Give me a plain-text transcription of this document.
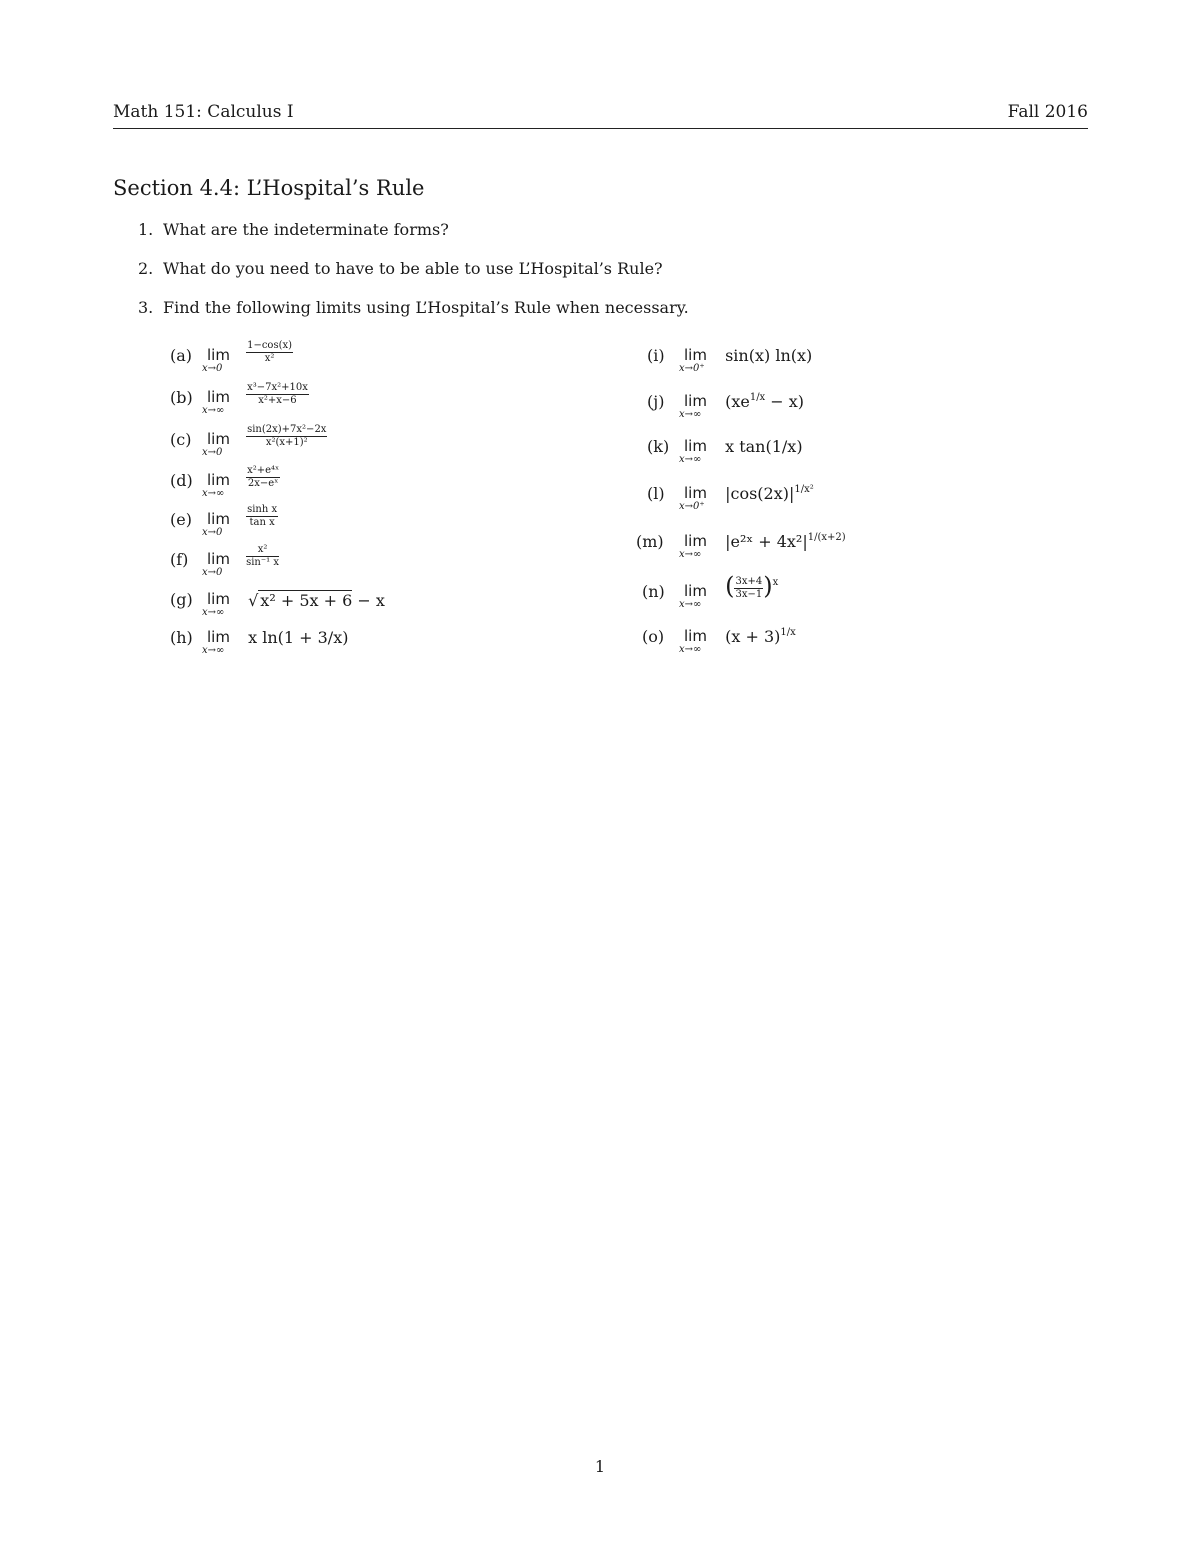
Math 151: Calculus I	Fall 2016
Section 4.4: L’Hospital’s Rule
1. What are the indeterminate forms?
2. What do you need to have to be able to use L’Hospital’s Rule?
3. Find the following limits using L’Hospital’s Rule when necessary.
(a) lim
x→0

$\frac{1-\cos(x)}{\text{x²}}$
(b) lim
x→∞

$\frac{\text{x³−7x²+10x}}{\text{x²+x−6}}$
(c) lim
x→0

$\frac{\text{sin(2x)+7x²−2x}}{\text{x²(x+1)²}}$
(d) lim
x→∞

$\frac{\text{x²+e⁴ˣ}}{\text{2x−eˣ}}$
(e) lim
x→0

$\frac{\text{sinh x}}{\text{tan x}}$
(f) lim
x→0

$\frac{\text{x²}}{\text{sin⁻¹ x}}$
(g) lim
x→∞
√ x² + 5x + 6 − x
(h) lim
x→∞
x ln(1 + 3/x)
(i) lim
x→0⁺
sin(x) ln(x)
(j) lim
x→∞
$(xe^{1/x} - x)$
(k) lim
x→∞
x tan(1/x)
(l) lim
x→0⁺
$|\cos(2x)|^{1/x^2}$
(m) lim
x→∞
|e²ˣ + $4x^2|^{1/(x+2)}$
(n) lim
x→∞
( $\frac{3x+4}{3x-1} )^x$
(o) lim
x→∞
$(x + 3)^{1/x}$
1
